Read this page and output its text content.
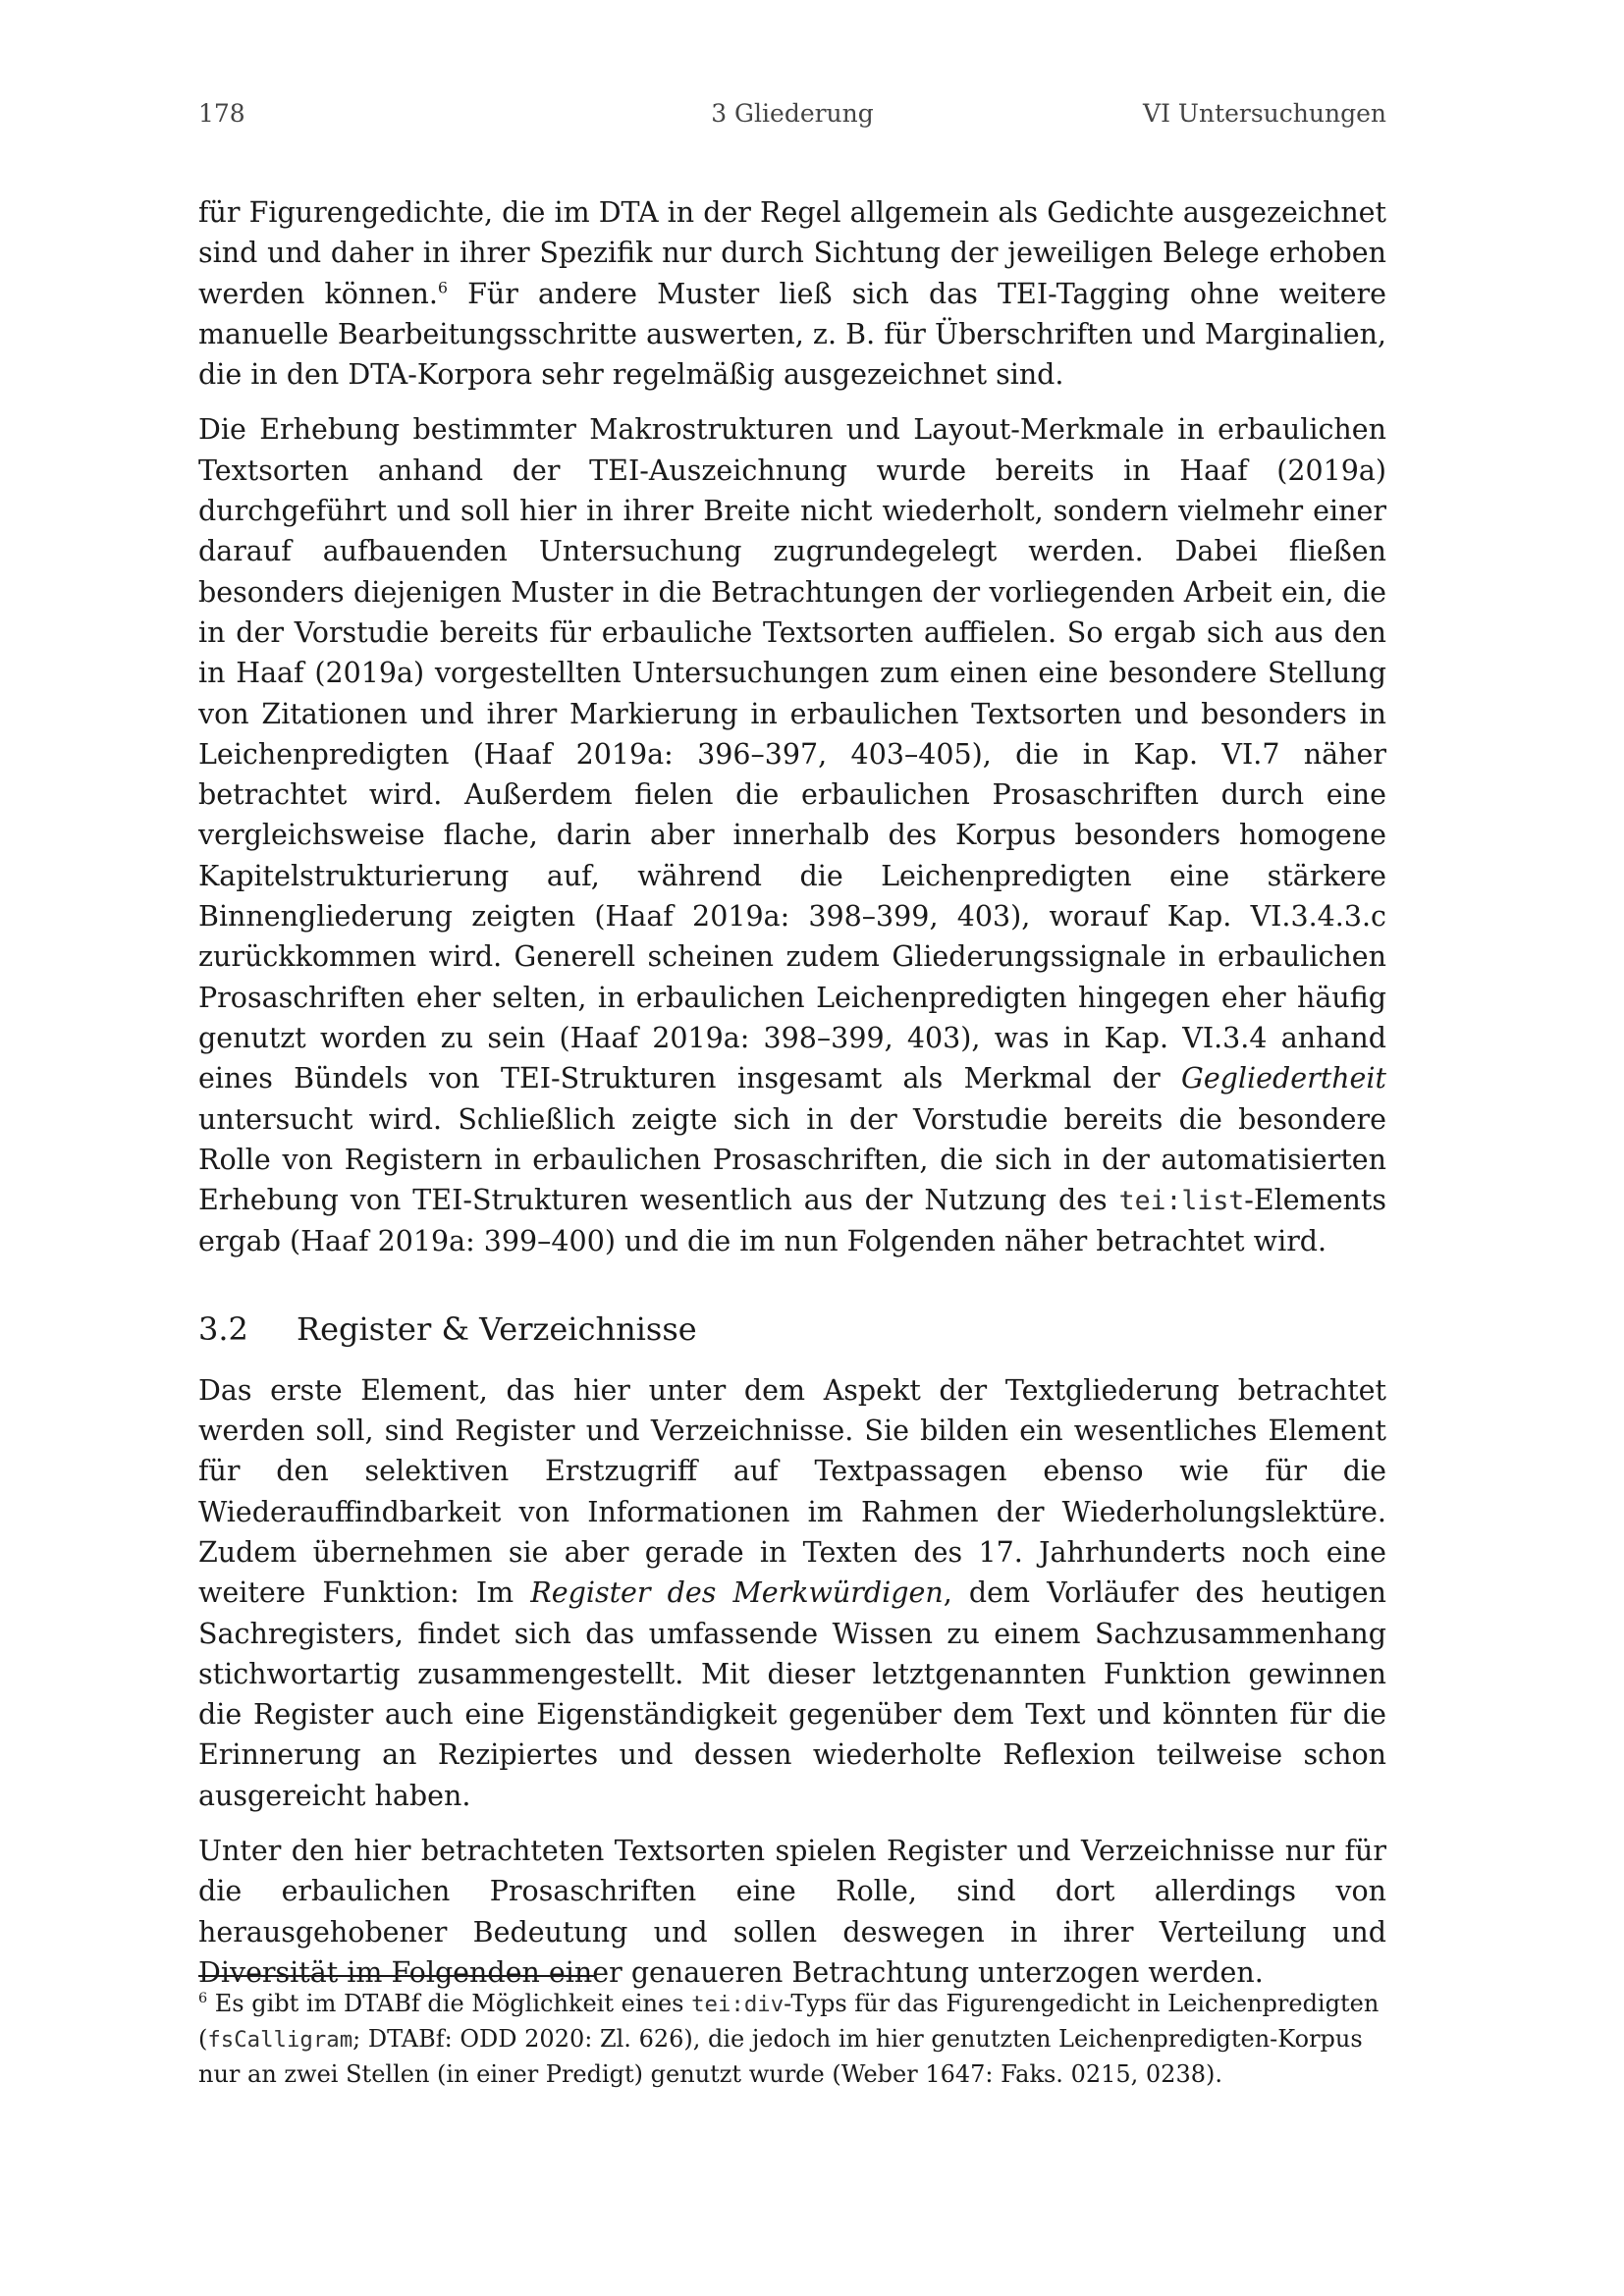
178	3 Gliederung	VI Untersuchungen

für Figurengedichte, die im DTA in der Regel allgemein als Gedichte ausgezeichnet sind und daher in ihrer Spezifik nur durch Sichtung der jeweiligen Belege erhoben werden können.$^6$ Für andere Muster ließ sich das TEI-Tagging ohne weitere manuelle Bearbeitungsschritte auswerten, z. B. für Überschriften und Marginalien, die in den DTA-Korpora sehr regelmäßig ausgezeichnet sind.

Die Erhebung bestimmter Makrostrukturen und Layout-Merkmale in erbaulichen Textsorten anhand der TEI-Auszeichnung wurde bereits in Haaf (2019a) durchgeführt und soll hier in ihrer Breite nicht wiederholt, sondern vielmehr einer darauf aufbauenden Untersuchung zugrundegelegt werden. Dabei fließen besonders diejenigen Muster in die Betrachtungen der vorliegenden Arbeit ein, die in der Vorstudie bereits für erbauliche Textsorten auffielen. So ergab sich aus den in Haaf (2019a) vorgestellten Untersuchungen zum einen eine besondere Stellung von Zitationen und ihrer Markierung in erbaulichen Textsorten und besonders in Leichenpredigten (Haaf 2019a: 396–397, 403–405), die in Kap. VI.7 näher betrachtet wird. Außerdem fielen die erbaulichen Prosaschriften durch eine vergleichsweise flache, darin aber innerhalb des Korpus besonders homogene Kapitelstrukturierung auf, während die Leichenpredigten eine stärkere Binnengliederung zeigten (Haaf 2019a: 398–399, 403), worauf Kap. VI.3.4.3.c zurückkommen wird. Generell scheinen zudem Gliederungssignale in erbaulichen Prosaschriften eher selten, in erbaulichen Leichenpredigten hingegen eher häufig genutzt worden zu sein (Haaf 2019a: 398–399, 403), was in Kap. VI.3.4 anhand eines Bündels von TEI-Strukturen insgesamt als Merkmal der Gegliedertheit untersucht wird. Schließlich zeigte sich in der Vorstudie bereits die besondere Rolle von Registern in erbaulichen Prosaschriften, die sich in der automatisierten Erhebung von TEI-Strukturen wesentlich aus der Nutzung des tei:list-Elements ergab (Haaf 2019a: 399–400) und die im nun Folgenden näher betrachtet wird.

3.2	Register & Verzeichnisse

Das erste Element, das hier unter dem Aspekt der Textgliederung betrachtet werden soll, sind Register und Verzeichnisse. Sie bilden ein wesentliches Element für den selektiven Erstzugriff auf Textpassagen ebenso wie für die Wiederauffindbarkeit von Informationen im Rahmen der Wiederholungslektüre. Zudem übernehmen sie aber gerade in Texten des 17. Jahrhunderts noch eine weitere Funktion: Im Register des Merkwürdigen, dem Vorläufer des heutigen Sachregisters, findet sich das umfassende Wissen zu einem Sachzusammenhang stichwortartig zusammengestellt. Mit dieser letztgenannten Funktion gewinnen die Register auch eine Eigenständigkeit gegenüber dem Text und könnten für die Erinnerung an Rezipiertes und dessen wiederholte Reflexion teilweise schon ausgereicht haben.

Unter den hier betrachteten Textsorten spielen Register und Verzeichnisse nur für die erbaulichen Prosaschriften eine Rolle, sind dort allerdings von herausgehobener Bedeutung und sollen deswegen in ihrer Verteilung und Diversität im Folgenden einer genaueren Betrachtung unterzogen werden.

$^6$ Es gibt im DTABf die Möglichkeit eines tei:div-Typs für das Figurengedicht in Leichenpredigten (fsCalligram; DTABf: ODD 2020: Zl. 626), die jedoch im hier genutzten Leichenpredigten-Korpus nur an zwei Stellen (in einer Predigt) genutzt wurde (Weber 1647: Faks. 0215, 0238).
